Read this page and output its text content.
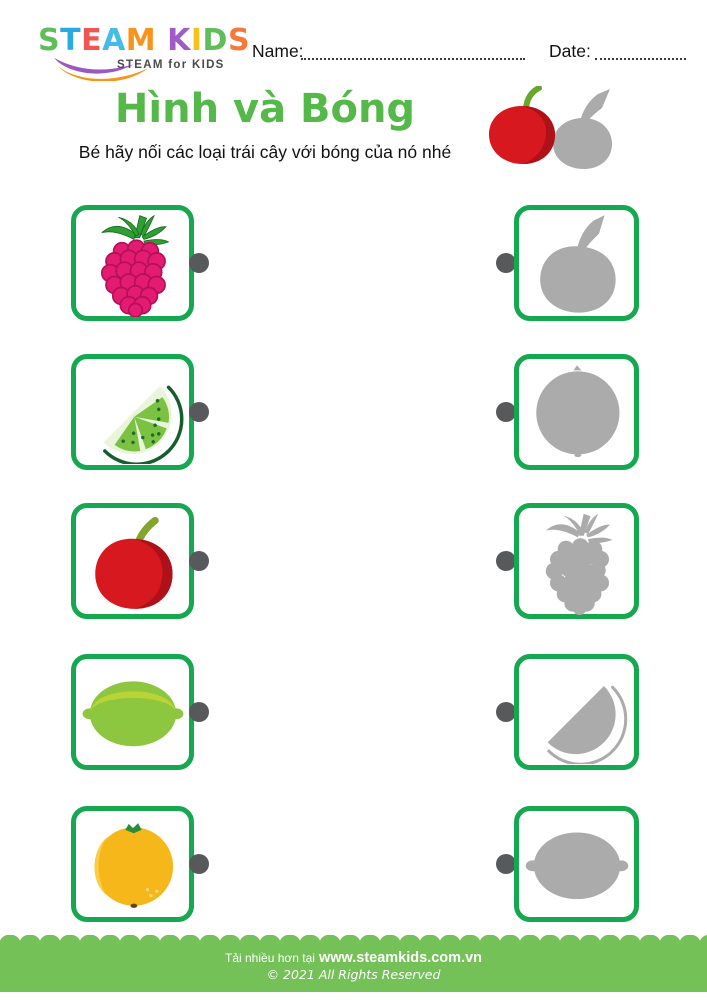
STEAM KIDS
STEAM for KIDS
Name:	Date:
Hình và Bóng
Bé hãy nối các loại trái cây với bóng của nó nhé
Tải nhiều hơn tại www.steamkids.com.vn
© 2021 All Rights Reserved
